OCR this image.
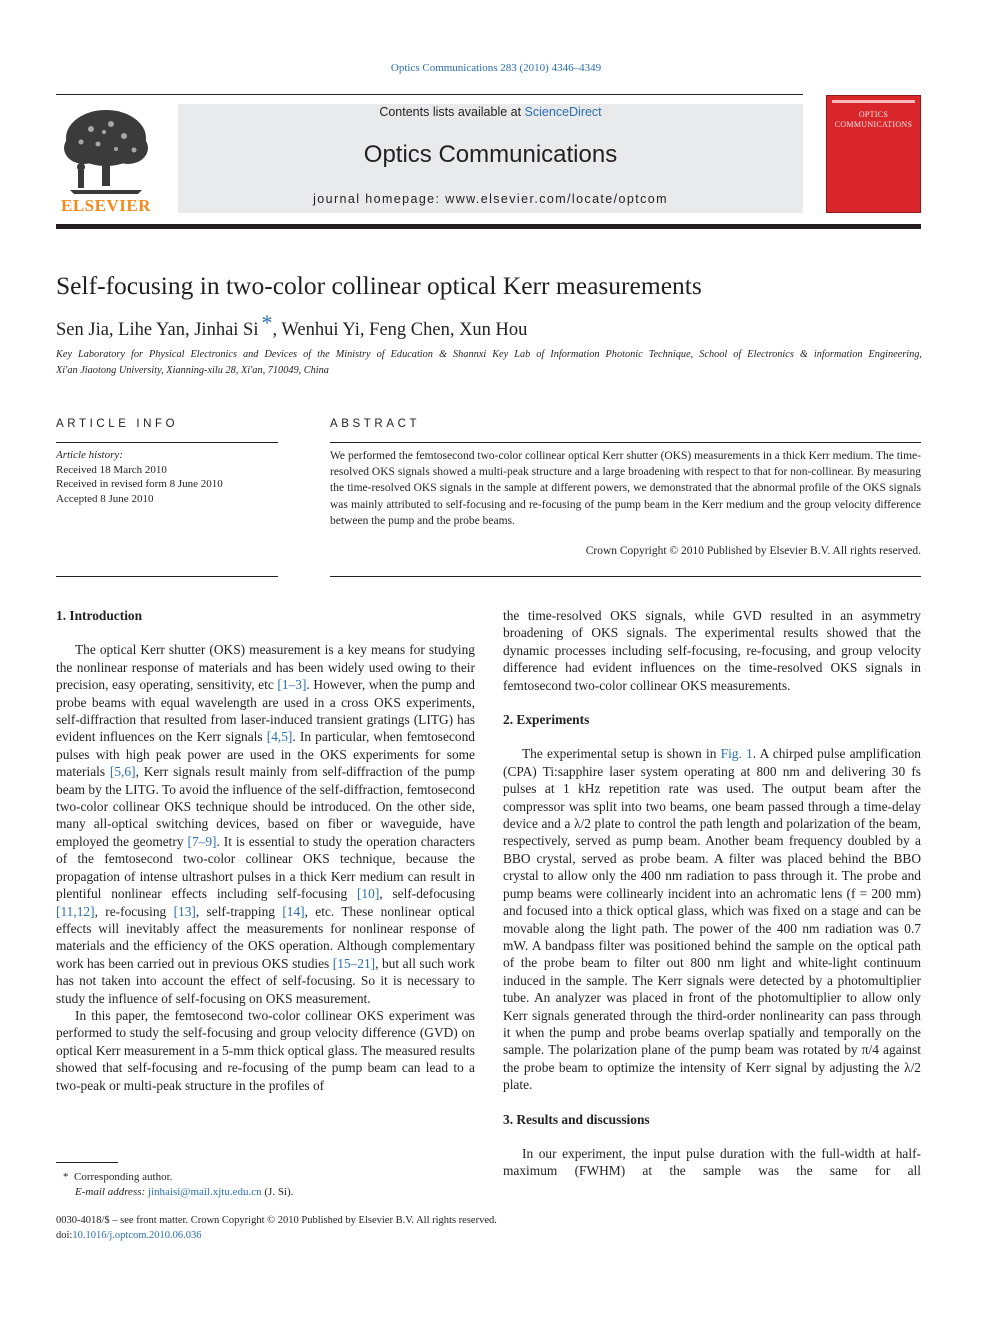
Optics Communications 283 (2010) 4346–4349
ELSEVIER
Contents lists available at ScienceDirect
Optics Communications
journal homepage: www.elsevier.com/locate/optcom
OPTICS COMMUNICATIONS
Self-focusing in two-color collinear optical Kerr measurements
Sen Jia, Lihe Yan, Jinhai Si *, Wenhui Yi, Feng Chen, Xun Hou
Key Laboratory for Physical Electronics and Devices of the Ministry of Education & Shannxi Key Lab of Information Photonic Technique, School of Electronics & information Engineering,
Xi'an Jiaotong University, Xianning-xilu 28, Xi'an, 710049, China
ARTICLE INFO
Article history:
Received 18 March 2010
Received in revised form 8 June 2010
Accepted 8 June 2010
ABSTRACT
We performed the femtosecond two-color collinear optical Kerr shutter (OKS) measurements in a thick Kerr medium. The time-resolved OKS signals showed a multi-peak structure and a large broadening with respect to that for non-collinear. By measuring the time-resolved OKS signals in the sample at different powers, we demonstrated that the abnormal profile of the OKS signals was mainly attributed to self-focusing and re-focusing of the pump beam in the Kerr medium and the group velocity difference between the pump and the probe beams.
Crown Copyright © 2010 Published by Elsevier B.V. All rights reserved.
1. Introduction

The optical Kerr shutter (OKS) measurement is a key means for studying the nonlinear response of materials and has been widely used owing to their precision, easy operating, sensitivity, etc [1–3]. However, when the pump and probe beams with equal wavelength are used in a cross OKS experiments, self-diffraction that resulted from laser-induced transient gratings (LITG) has evident influences on the Kerr signals [4,5]. In particular, when femtosecond pulses with high peak power are used in the OKS experiments for some materials [5,6], Kerr signals result mainly from self-diffraction of the pump beam by the LITG. To avoid the influence of the self-diffraction, femtosecond two-color collinear OKS technique should be introduced. On the other side, many all-optical switching devices, based on fiber or waveguide, have employed the geometry [7–9]. It is essential to study the operation characters of the femtosecond two-color collinear OKS technique, because the propagation of intense ultrashort pulses in a thick Kerr medium can result in plentiful nonlinear effects including self-focusing [10], self-defocusing [11,12], re-focusing [13], self-trapping [14], etc. These nonlinear optical effects will inevitably affect the measurements for nonlinear response of materials and the efficiency of the OKS operation. Although complementary work has been carried out in previous OKS studies [15–21], but all such work has not taken into account the effect of self-focusing. So it is necessary to study the influence of self-focusing on OKS measurement.

In this paper, the femtosecond two-color collinear OKS experiment was performed to study the self-focusing and group velocity difference (GVD) on optical Kerr measurement in a 5-mm thick optical glass. The measured results showed that self-focusing and re-focusing of the pump beam can lead to a two-peak or multi-peak structure in the profiles of

* Corresponding author.
E-mail address: jinhaisi@mail.xjtu.edu.cn (J. Si).
0030-4018/$ – see front matter. Crown Copyright © 2010 Published by Elsevier B.V. All rights reserved.
doi:10.1016/j.optcom.2010.06.036

the time-resolved OKS signals, while GVD resulted in an asymmetry broadening of OKS signals. The experimental results showed that the dynamic processes including self-focusing, re-focusing, and group velocity difference had evident influences on the time-resolved OKS signals in femtosecond two-color collinear OKS measurements.

2. Experiments

The experimental setup is shown in Fig. 1. A chirped pulse amplification (CPA) Ti:sapphire laser system operating at 800 nm and delivering 30 fs pulses at 1 kHz repetition rate was used. The output beam after the compressor was split into two beams, one beam passed through a time-delay device and a λ/2 plate to control the path length and polarization of the beam, respectively, served as pump beam. Another beam frequency doubled by a BBO crystal, served as probe beam. A filter was placed behind the BBO crystal to allow only the 400 nm radiation to pass through it. The probe and pump beams were collinearly incident into an achromatic lens (f = 200 mm) and focused into a thick optical glass, which was fixed on a stage and can be movable along the light path. The power of the 400 nm radiation was 0.7 mW. A bandpass filter was positioned behind the sample on the optical path of the probe beam to filter out 800 nm light and white-light continuum induced in the sample. The Kerr signals were detected by a photomultiplier tube. An analyzer was placed in front of the photomultiplier to allow only Kerr signals generated through the third-order nonlinearity can pass through it when the pump and probe beams overlap spatially and temporally on the sample. The polarization plane of the pump beam was rotated by π/4 against the probe beam to optimize the intensity of Kerr signal by adjusting the λ/2 plate.

3. Results and discussions

In our experiment, the input pulse duration with the full-width at half-maximum (FWHM) at the sample was the same for all
